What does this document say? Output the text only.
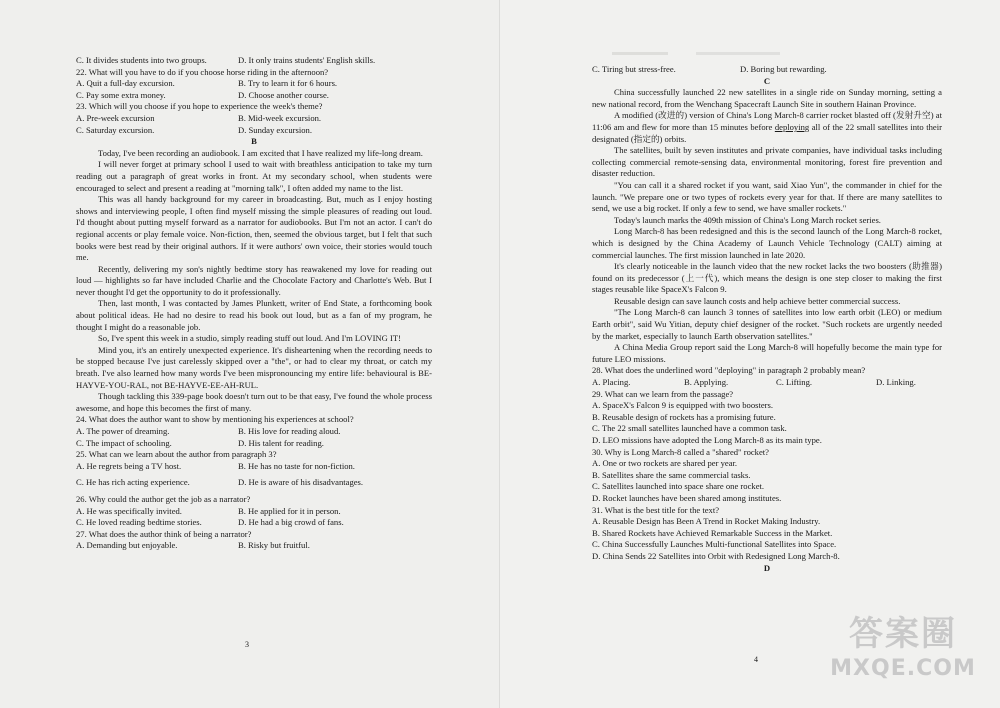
C. It divides students into two groups.	D. It only trains students' English skills.
22. What will you have to do if you choose horse riding in the afternoon?
A. Quit a full-day excursion.	B. Try to learn it for 6 hours.
C. Pay some extra money.	D. Choose another course.
23. Which will you choose if you hope to experience the week's theme?
A. Pre-week excursion	B. Mid-week excursion.
C. Saturday excursion.	D. Sunday excursion.
B

Today, I've been recording an audiobook. I am excited that I have realized my life-long dream.

I will never forget at primary school I used to wait with breathless anticipation to take my turn reading out a paragraph of great works in front. At my secondary school, when students were encouraged to select and present a reading at "morning talk", I often added my name to the list.

This was all handy background for my career in broadcasting. But, much as I enjoy hosting shows and interviewing people, I often find myself missing the simple pleasures of reading out loud. I'd thought about putting myself forward as a narrator for audiobooks. But I'm not an actor. I can't do regional accents or play female voice. Non-fiction, then, seemed the obvious target, but I felt that such books were best read by their original authors. If it were authors' own voice, their stories would touch me.

Recently, delivering my son's nightly bedtime story has reawakened my love for reading out loud — highlights so far have included Charlie and the Chocolate Factory and Charlotte's Web. But I never thought I'd get the opportunity to do it professionally.

Then, last month, I was contacted by James Plunkett, writer of End State, a forthcoming book about political ideas. He had no desire to read his book out loud, but as a fan of my program, he thought I might do a reasonable job.

So, I've spent this week in a studio, simply reading stuff out loud. And I'm LOVING IT!

Mind you, it's an entirely unexpected experience. It's disheartening when the recording needs to be stopped because I've just carelessly skipped over a "the", or had to clear my throat, or catch my breath. I've also learned how many words I've been mispronouncing my entire life: behavioural is BE-HAYVE-YOU-RAL, not BE-HAYVE-EE-AH-RUL.

Though tackling this 339-page book doesn't turn out to be that easy, I've found the whole process awesome, and hope this becomes the first of many.

24. What does the author want to show by mentioning his experiences at school?
A. The power of dreaming.	B. His love for reading aloud.
C. The impact of schooling.	D. His talent for reading.
25. What can we learn about the author from paragraph 3?
A. He regrets being a TV host.	B. He has no taste for non-fiction.
C. He has rich acting experience.	D. He is aware of his disadvantages.
26. Why could the author get the job as a narrator?
A. He was specifically invited.	B. He applied for it in person.
C. He loved reading bedtime stories.	D. He had a big crowd of fans.
27. What does the author think of being a narrator?
A. Demanding but enjoyable.	B. Risky but fruitful.
3
C. Tiring but stress-free.	D. Boring but rewarding.
C

China successfully launched 22 new satellites in a single ride on Sunday morning, setting a new national record, from the Wenchang Spacecraft Launch Site in southern Hainan Province.

A modified (改进的) version of China's Long March-8 carrier rocket blasted off (发射升空) at 11:06 am and flew for more than 15 minutes before deploying all of the 22 small satellites into their designated (指定的) orbits.

The satellites, built by seven institutes and private companies, have individual tasks including collecting commercial remote-sensing data, environmental monitoring, forest fire prevention and disaster reduction.

"You can call it a shared rocket if you want, said Xiao Yun", the commander in chief for the launch. "We prepare one or two types of rockets every year for that. If there are many satellites to send, we use a big rocket. If only a few to send, we have smaller rockets."

Today's launch marks the 409th mission of China's Long March rocket series.

Long March-8 has been redesigned and this is the second launch of the Long March-8 rocket, which is designed by the China Academy of Launch Vehicle Technology (CALT) aiming at commercial launches. The first mission launched in late 2020.

It's clearly noticeable in the launch video that the new rocket lacks the two boosters (助推器) found on its predecessor (上一代), which means the design is one step closer to making the first stages reusable like SpaceX's Falcon 9.

Reusable design can save launch costs and help achieve better commercial success.

"The Long March-8 can launch 3 tonnes of satellites into low earth orbit (LEO) or medium Earth orbit", said Wu Yitian, deputy chief designer of the rocket. "Such rockets are urgently needed by the market, especially to launch Earth observation satellites."

A China Media Group report said the Long March-8 will hopefully become the main type for future LEO missions.

28. What does the underlined word "deploying" in paragraph 2 probably mean?
A. Placing.	B. Applying.	C. Lifting.	D. Linking.
29. What can we learn from the passage?
A. SpaceX's Falcon 9 is equipped with two boosters.
B. Reusable design of rockets has a promising future.
C. The 22 small satellites launched have a common task.
D. LEO missions have adopted the Long March-8 as its main type.
30. Why is Long March-8 called a "shared" rocket?
A. One or two rockets are shared per year.
B. Satellites share the same commercial tasks.
C. Satellites launched into space share one rocket.
D. Rocket launches have been shared among institutes.
31. What is the best title for the text?
A. Reusable Design has Been A Trend in Rocket Making Industry.
B. Shared Rockets have Achieved Remarkable Success in the Market.
C. China Successfully Launches Multi-functional Satellites into Space.
D. China Sends 22 Satellites into Orbit with Redesigned Long March-8.
D
4
答案圈
MXQE.COM
